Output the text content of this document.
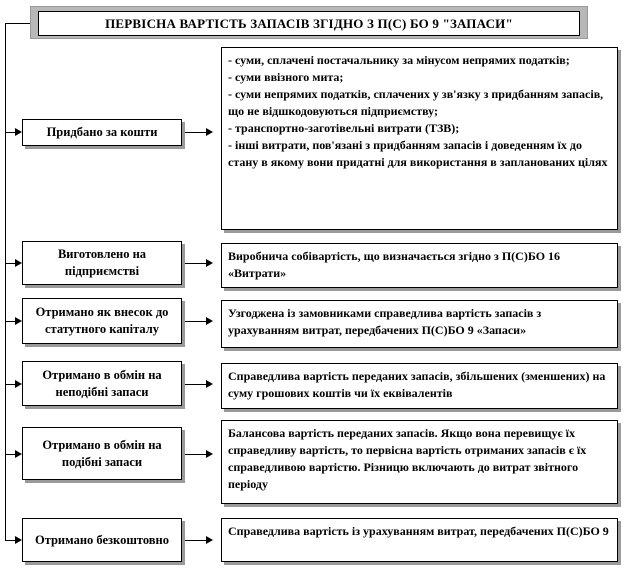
ПЕРВІСНА ВАРТІСТЬ ЗАПАСІВ ЗГІДНО З П(С) БО 9 "ЗАПАСИ"
Придбано за кошти

- суми, сплачені постачальнику за мінусом непрямих податків;

- суми ввізного мита;

- суми непрямих податків, сплачених у зв'язку з придбанням запасів, що не відшкодовуються підприємству;

- транспортно-заготівельні витрати (ТЗВ);

- інші витрати, пов'язані з придбанням запасів і доведенням їх до стану в якому вони придатні для використання в запланованих цілях

Виготовлено на підприємстві

Виробнича собівартість, що визначається згідно з П(С)БО 16 «Витрати»

Отримано як внесок до статутного капіталу

Узгоджена із замовниками справедлива вартість запасів з урахуванням витрат, передбачених П(С)БО 9 «Запаси»

Отримано в обмін на неподібні запаси

Справедлива вартість переданих запасів, збільшених (зменшених) на суму грошових коштів чи їх еквівалентів

Отримано в обмін на подібні запаси

Балансова вартість переданих запасів. Якщо вона перевищує їх справедливу вартість, то первісна вартість отриманих запасів є їх справедливою вартістю. Різницю включають до витрат звітного періоду

Отримано безкоштовно

Справедлива вартість із урахуванням витрат, передбачених П(С)БО 9
